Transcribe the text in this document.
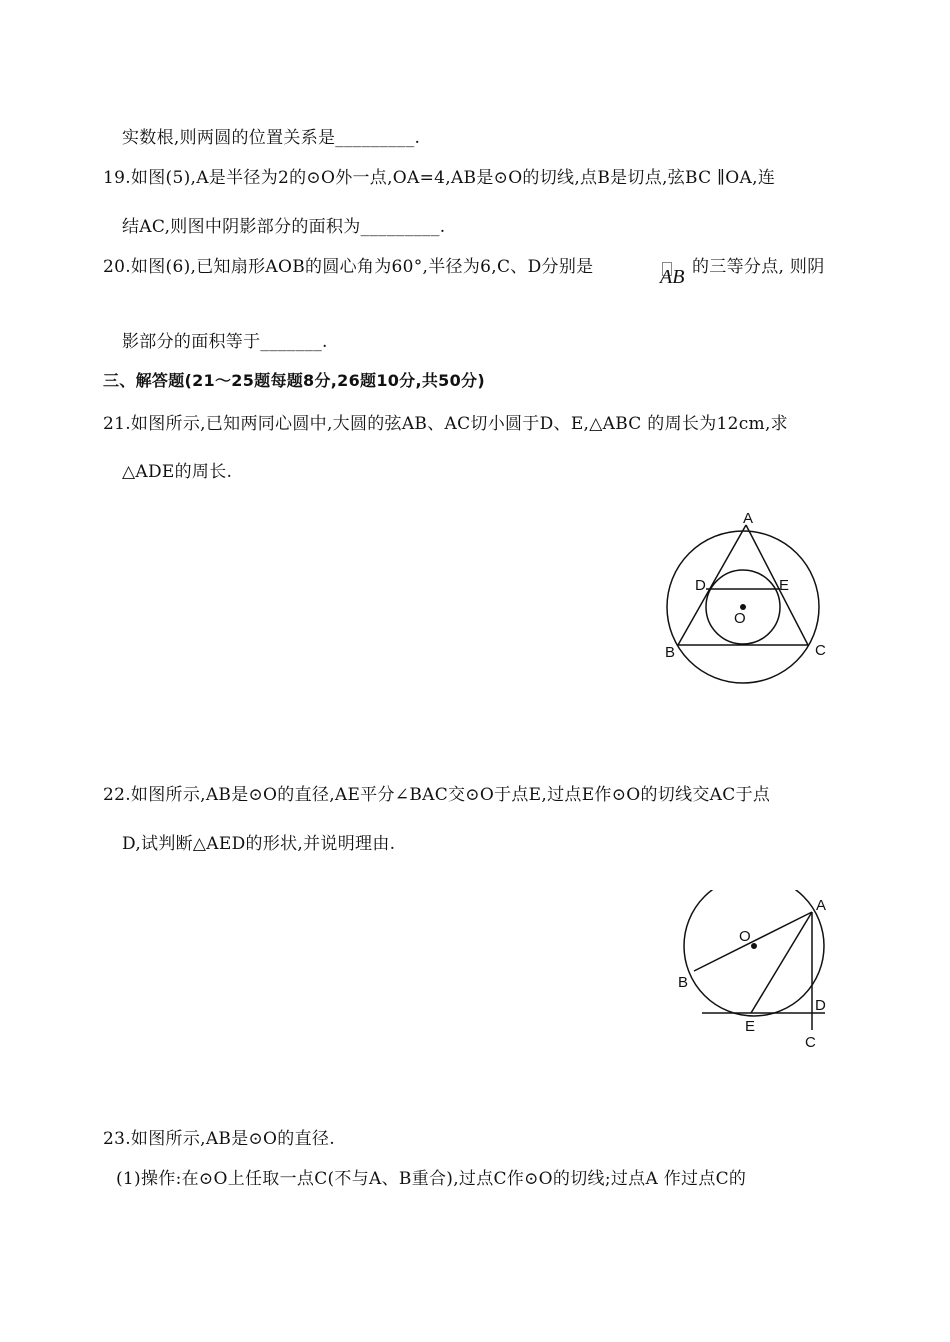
实数根,则两圆的位置关系是_________.
19.如图(5),A是半径为2的⊙O外一点,OA=4,AB是⊙O的切线,点B是切点,弦BC ∥OA,连
结AC,则图中阴影部分的面积为_________.
20.如图(6),已知扇形AOB的圆心角为60°,半径为6,C、D分别是	AB 的三等分点, 则阴
影部分的面积等于_______.
三、解答题(21～25题每题8分,26题10分,共50分)
21.如图所示,已知两同心圆中,大圆的弦AB、AC切小圆于D、E,△ABC 的周长为12cm,求
△ADE的周长.
A
D	E
O
B	C
22.如图所示,AB是⊙O的直径,AE平分∠BAC交⊙O于点E,过点E作⊙O的切线交AC于点
D,试判断△AED的形状,并说明理由.
A
O
B
D
E
C
23.如图所示,AB是⊙O的直径.
(1)操作:在⊙O上任取一点C(不与A、B重合),过点C作⊙O的切线;过点A 作过点C的
